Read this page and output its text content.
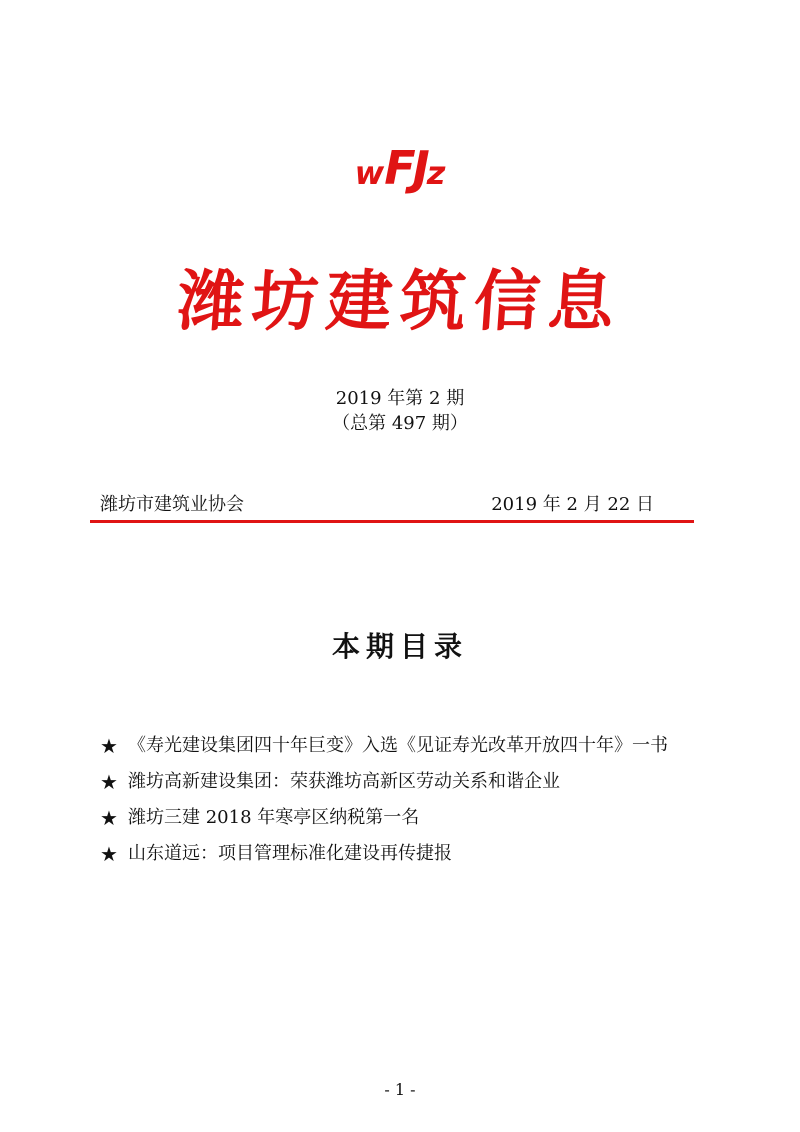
wFJz
潍坊建筑信息
2019 年第 2 期
（总第 497 期）
潍坊市建筑业协会	2019 年 2 月 22 日
本期目录
★ 《寿光建设集团四十年巨变》入选《见证寿光改革开放四十年》一书
★ 潍坊高新建设集团：荣获潍坊高新区劳动关系和谐企业
★ 潍坊三建 2018 年寒亭区纳税第一名
★ 山东道远：项目管理标准化建设再传捷报
- 1 -
